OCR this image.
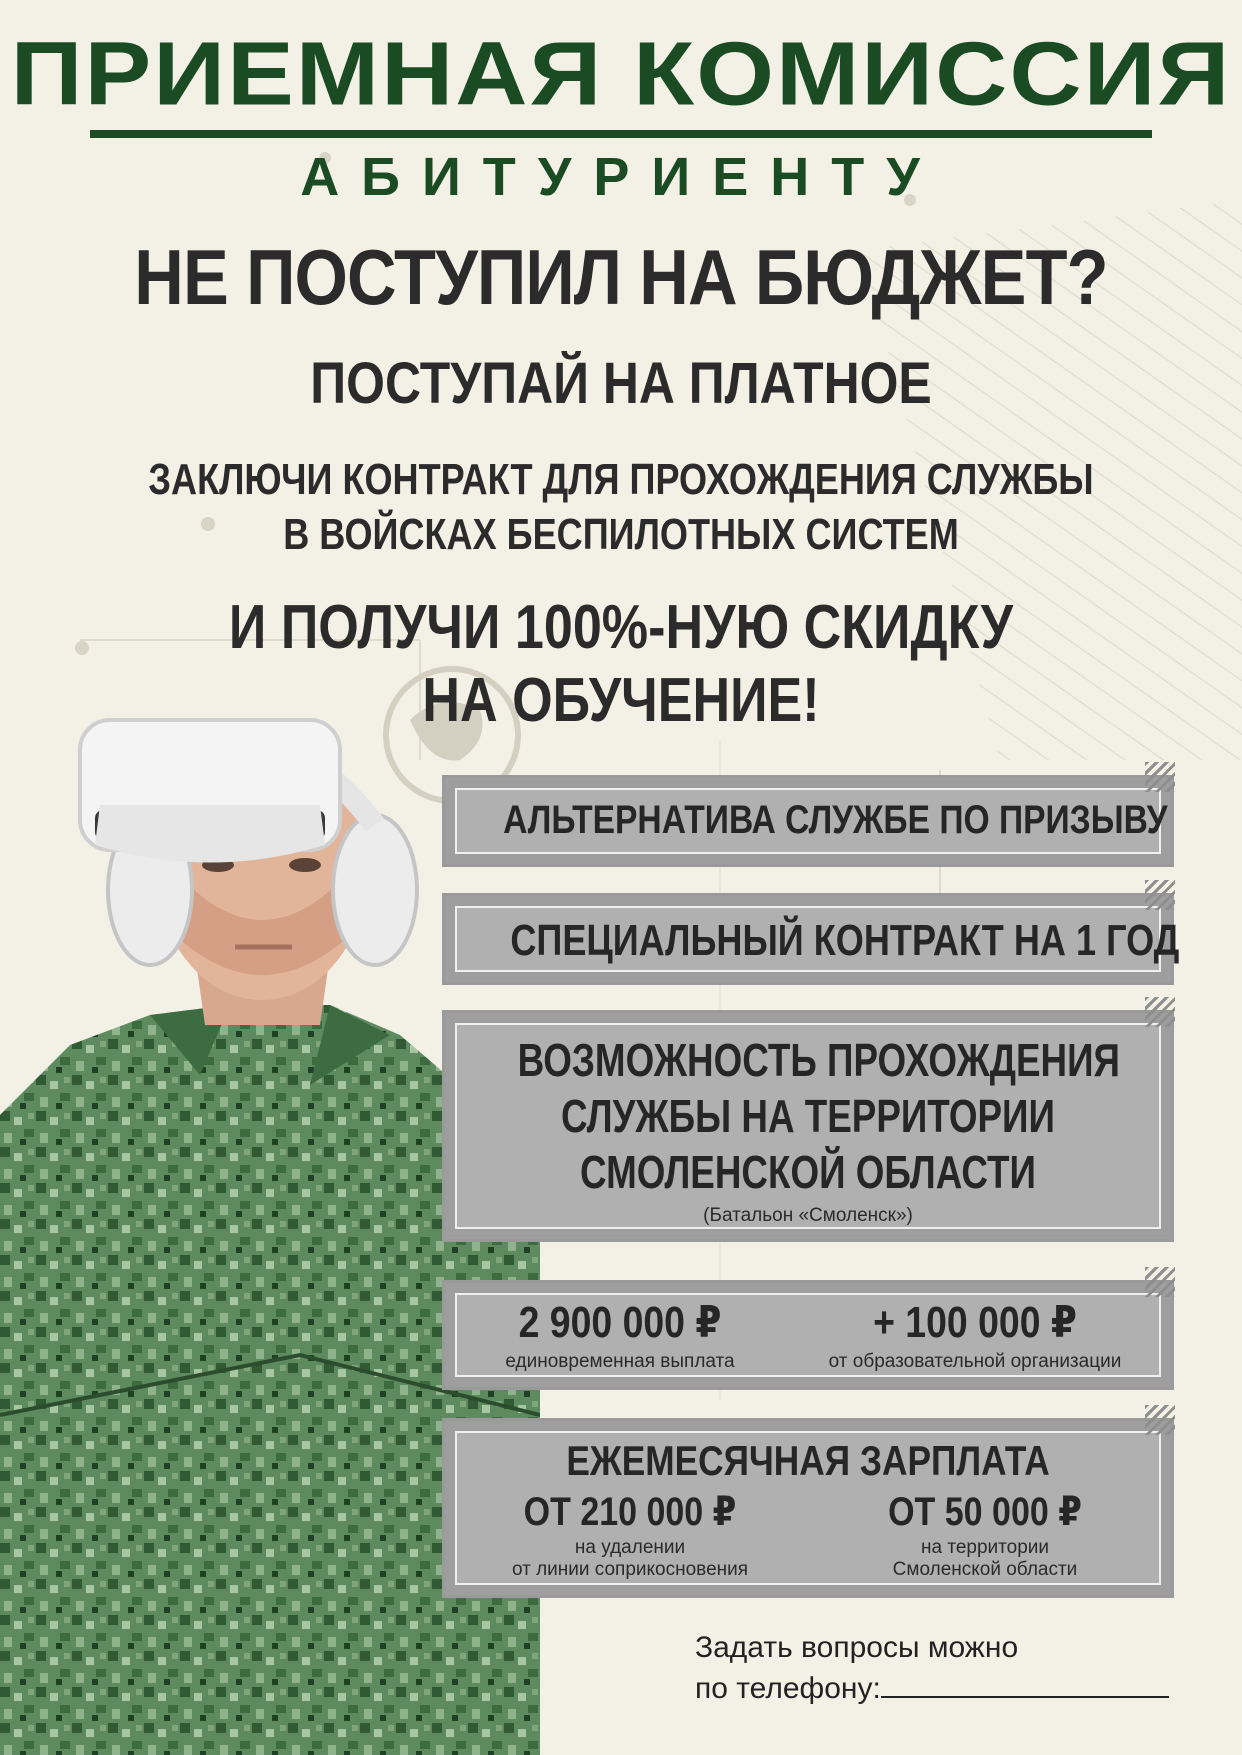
ПРИЕМНАЯ КОМИССИЯ
АБИТУРИЕНТУ
НЕ ПОСТУПИЛ НА БЮДЖЕТ?
ПОСТУПАЙ НА ПЛАТНОЕ
ЗАКЛЮЧИ КОНТРАКТ ДЛЯ ПРОХОЖДЕНИЯ СЛУЖБЫ
В ВОЙСКАХ БЕСПИЛОТНЫХ СИСТЕМ
И ПОЛУЧИ 100%-НУЮ СКИДКУ
НА ОБУЧЕНИЕ!
АЛЬТЕРНАТИВА СЛУЖБЕ ПО ПРИЗЫВУ
СПЕЦИАЛЬНЫЙ КОНТРАКТ НА 1 ГОД
ВОЗМОЖНОСТЬ ПРОХОЖДЕНИЯ
СЛУЖБЫ НА ТЕРРИТОРИИ
СМОЛЕНСКОЙ ОБЛАСТИ
(Батальон «Смоленск»)
2 900 000 ₽
единовременная выплата
+ 100 000 ₽
от образовательной организации
ЕЖЕМЕСЯЧНАЯ ЗАРПЛАТА
ОТ 210 000 ₽
на удалении
от линии соприкосновения
ОТ 50 000 ₽
на территории
Смоленской области
Задать вопросы можно
по телефону:
